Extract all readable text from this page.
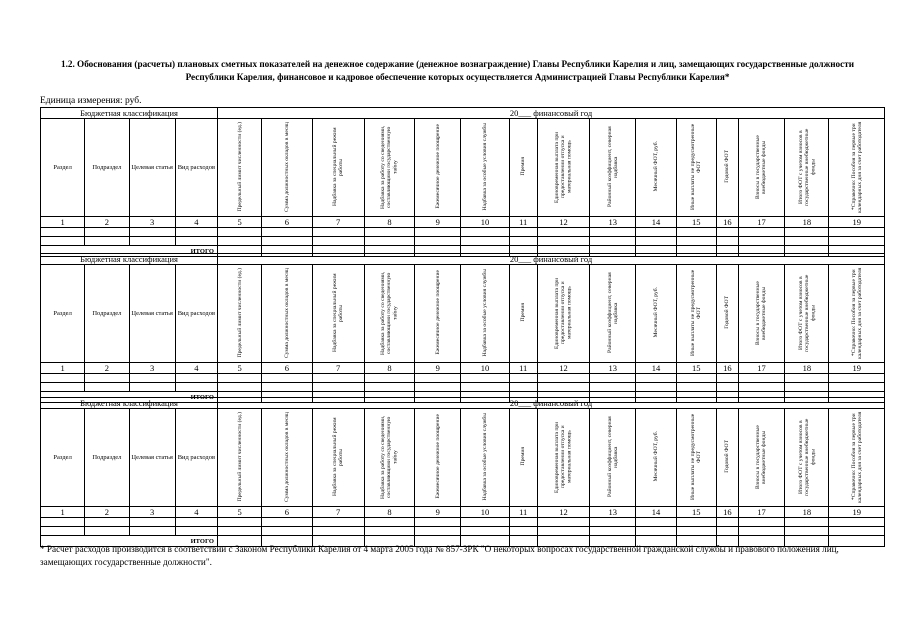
1.2. Обоснования (расчеты) плановых сметных показателей на денежное содержание (денежное вознаграждение) Главы Республики Карелия и лиц, замещающих государственные должности Республики Карелия, финансовое и кадровое обеспечение которых осуществляется Администрацией Главы Республики Карелия*
Единица измерения: руб.
Бюджетная классификация				20___ финансовый год														
Раздел	Подраздел	Целевая статья	Вид расходов	Предельный лимит численности (ед.)	Сумма должностных окладов в месяц	Надбавка за специальный режим работы	Надбавка за работу со сведениями, составляющими государственную тайну	Ежемесячное денежное поощрение	Надбавка за особые условия службы	Премия	Единовременная выплата при предоставлении отпуска и материальная помощь	Районный коэффициент, северная надбавка	Месячный ФОТ, руб.	Иные выплаты не предусмотренные ФОТ	Годовой ФОТ	Взносы в государственные внебюджетные фонды	Итого ФОТ с учетом взносов в государственные внебюджетные фонды	*Справочно: Пособия за первые три календарных дня за счет работодателя
1	2	3	4	5	6	7	8	9	10	11	12	13	14	15	16	17	18	19

ИТОГО																		
Бюджетная классификация				20___ финансовый год														
Раздел	Подраздел	Целевая статья	Вид расходов	Предельный лимит численности (ед.)	Сумма должностных окладов в месяц	Надбавка за специальный режим работы	Надбавка за работу со сведениями, составляющими государственную тайну	Ежемесячное денежное поощрение	Надбавка за особые условия службы	Премия	Единовременная выплата при предоставлении отпуска и материальная помощь	Районный коэффициент, северная надбавка	Месячный ФОТ, руб.	Иные выплаты не предусмотренные ФОТ	Годовой ФОТ	Взносы в государственные внебюджетные фонды	Итого ФОТ с учетом взносов в государственные внебюджетные фонды	*Справочно: Пособия за первые три календарных дня за счет работодателя
1	2	3	4	5	6	7	8	9	10	11	12	13	14	15	16	17	18	19

ИТОГО																		
Бюджетная классификация				20___ финансовый год														
Раздел	Подраздел	Целевая статья	Вид расходов	Предельный лимит численности (ед.)	Сумма должностных окладов в месяц	Надбавка за специальный режим работы	Надбавка за работу со сведениями, составляющими государственную тайну	Ежемесячное денежное поощрение	Надбавка за особые условия службы	Премия	Единовременная выплата при предоставлении отпуска и материальная помощь	Районный коэффициент, северная надбавка	Месячный ФОТ, руб.	Иные выплаты не предусмотренные ФОТ	Годовой ФОТ	Взносы в государственные внебюджетные фонды	Итого ФОТ с учетом взносов в государственные внебюджетные фонды	*Справочно: Пособия за первые три календарных дня за счет работодателя
1	2	3	4	5	6	7	8	9	10	11	12	13	14	15	16	17	18	19

ИТОГО																		
* Расчет расходов производится в соответствии с Законом Республики Карелия от 4 марта 2005 года № 857-ЗРК "О некоторых вопросах государственной гражданской службы и правового положения лиц, замещающих государственные должности".
